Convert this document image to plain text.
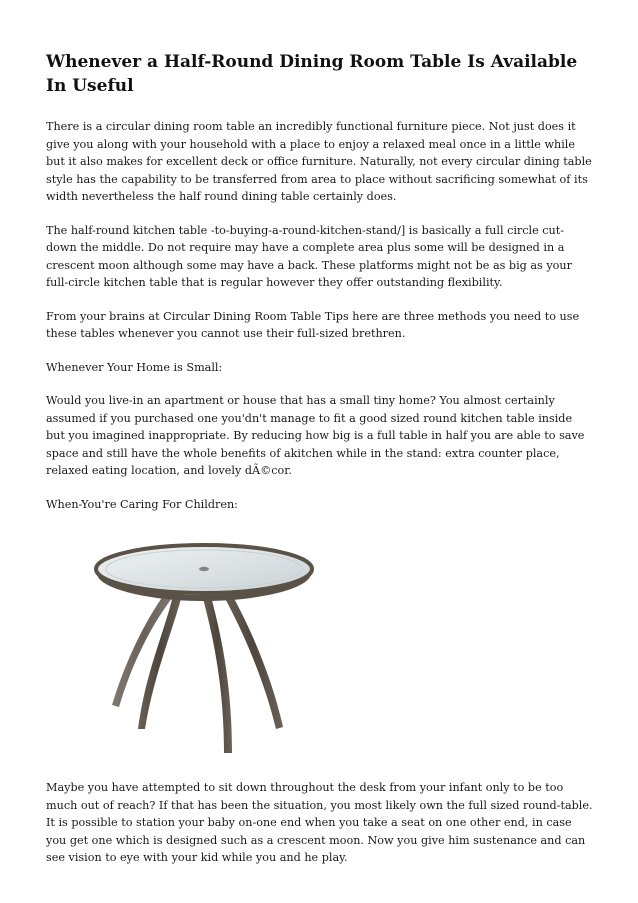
Whenever a Half-Round Dining Room Table Is Available In Useful

There is a circular dining room table an incredibly functional furniture piece. Not just does it give you along with your household with a place to enjoy a relaxed meal once in a little while but it also makes for excellent deck or office furniture. Naturally, not every circular dining table style has the capability to be transferred from area to place without sacrificing somewhat of its width nevertheless the half round dining table certainly does.

The half-round kitchen table -to-buying-a-round-kitchen-stand/] is basically a full circle cut-down the middle. Do not require may have a complete area plus some will be designed in a crescent moon although some may have a back. These platforms might not be as big as your full-circle kitchen table that is regular however they offer outstanding flexibility.

From your brains at Circular Dining Room Table Tips here are three methods you need to use these tables whenever you cannot use their full-sized brethren.

Whenever Your Home is Small:

Would you live-in an apartment or house that has a small tiny home? You almost certainly assumed if you purchased one you'dn't manage to fit a good sized round kitchen table inside but you imagined inappropriate. By reducing how big is a full table in half you are able to save space and still have the whole benefits of akitchen while in the stand: extra counter place, relaxed eating location, and lovely dÃ©cor.

When-You're Caring For Children:

Maybe you have attempted to sit down throughout the desk from your infant only to be too much out of reach? If that has been the situation, you most likely own the full sized round-table. It is possible to station your baby on-one end when you take a seat on one other end, in case you get one which is designed such as a crescent moon. Now you give him sustenance and can see vision to eye with your kid while you and he play.
